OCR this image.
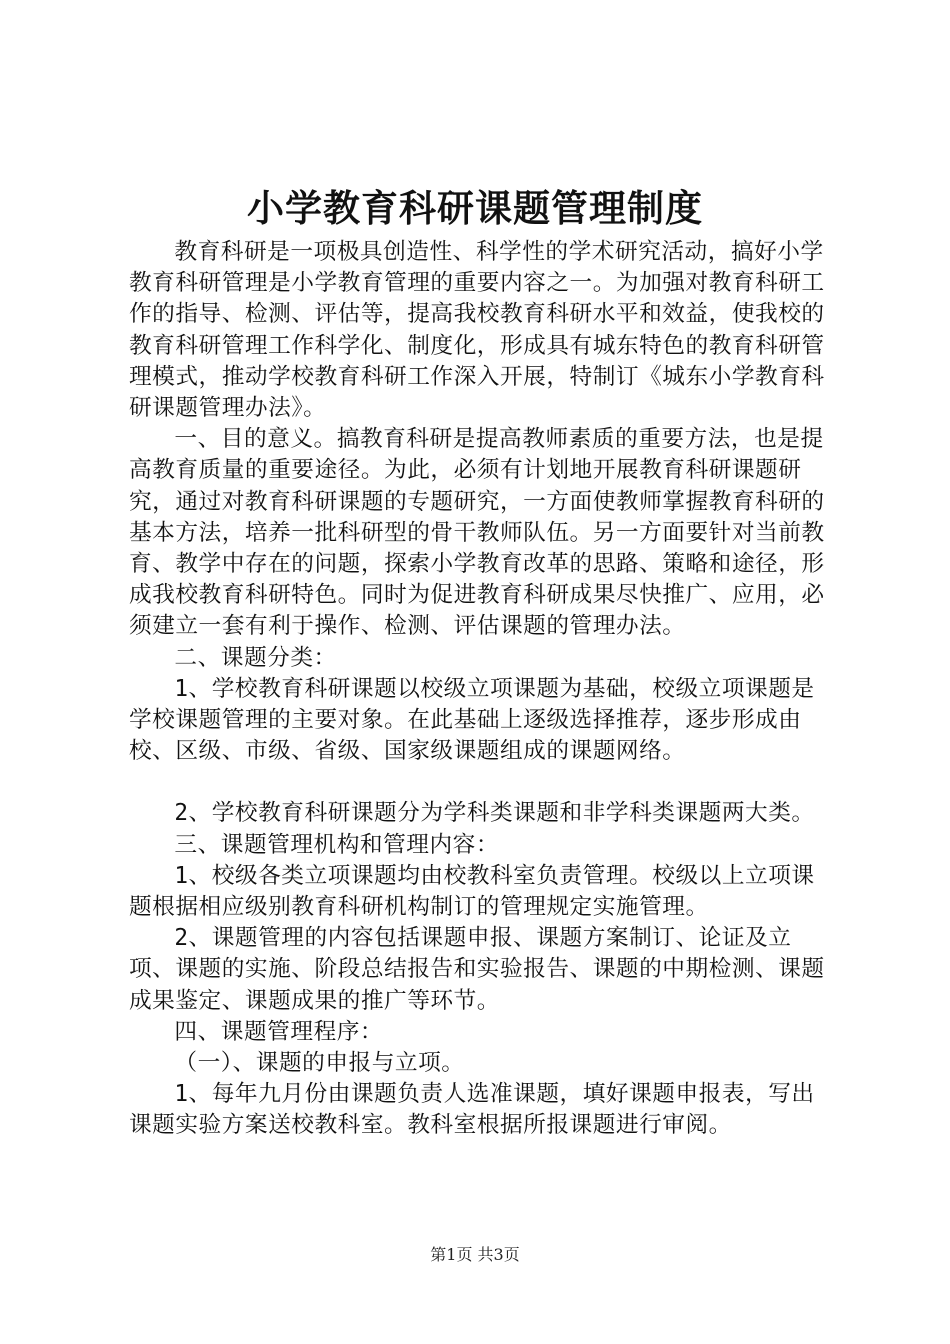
小学教育科研课题管理制度

教育科研是一项极具创造性、科学性的学术研究活动，搞好小学教育科研管理是小学教育管理的重要内容之一。为加强对教育科研工作的指导、检测、评估等，提高我校教育科研水平和效益，使我校的教育科研管理工作科学化、制度化，形成具有城东特色的教育科研管理模式，推动学校教育科研工作深入开展，特制订《城东小学教育科研课题管理办法》。

一、目的意义。搞教育科研是提高教师素质的重要方法，也是提高教育质量的重要途径。为此，必须有计划地开展教育科研课题研究，通过对教育科研课题的专题研究，一方面使教师掌握教育科研的基本方法，培养一批科研型的骨干教师队伍。另一方面要针对当前教育、教学中存在的问题，探索小学教育改革的思路、策略和途径，形成我校教育科研特色。同时为促进教育科研成果尽快推广、应用，必须建立一套有利于操作、检测、评估课题的管理办法。

二、课题分类：

1、学校教育科研课题以校级立项课题为基础，校级立项课题是学校课题管理的主要对象。在此基础上逐级选择推荐，逐步形成由校、区级、市级、省级、国家级课题组成的课题网络。

2、学校教育科研课题分为学科类课题和非学科类课题两大类。

三、课题管理机构和管理内容：

1、校级各类立项课题均由校教科室负责管理。校级以上立项课题根据相应级别教育科研机构制订的管理规定实施管理。

2、课题管理的内容包括课题申报、课题方案制订、论证及立项、课题的实施、阶段总结报告和实验报告、课题的中期检测、课题成果鉴定、课题成果的推广等环节。

四、课题管理程序：

（一）、课题的申报与立项。

1、每年九月份由课题负责人选准课题，填好课题申报表，写出课题实验方案送校教科室。教科室根据所报课题进行审阅。

第1页 共3页
